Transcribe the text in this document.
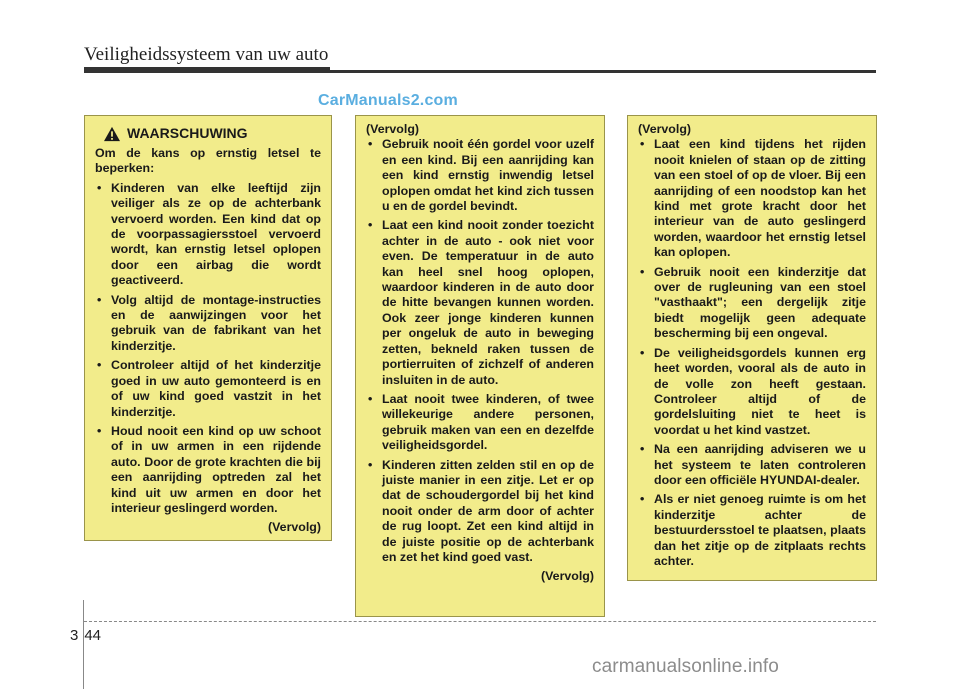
Veiligheidssysteem van uw auto
CarManuals2.com
WAARSCHUWING
Om de kans op ernstig letsel te beperken:
• Kinderen van elke leeftijd zijn veiliger als ze op de achterbank vervoerd worden. Een kind dat op de voorpassagiersstoel vervoerd wordt, kan ernstig letsel oplopen door een airbag die wordt geactiveerd.
• Volg altijd de montage-instructies en de aanwijzingen voor het gebruik van de fabrikant van het kinderzitje.
• Controleer altijd of het kinderzitje goed in uw auto gemonteerd is en of uw kind goed vastzit in het kinderzitje.
• Houd nooit een kind op uw schoot of in uw armen in een rijdende auto. Door de grote krachten die bij een aanrijding optreden zal het kind uit uw armen en door het interieur geslingerd worden.
(Vervolg)
(Vervolg)
• Gebruik nooit één gordel voor uzelf en een kind. Bij een aanrijding kan een kind ernstig inwendig letsel oplopen omdat het kind zich tussen u en de gordel bevindt.
• Laat een kind nooit zonder toezicht achter in de auto - ook niet voor even. De temperatuur in de auto kan heel snel hoog oplopen, waardoor kinderen in de auto door de hitte bevangen kunnen worden. Ook zeer jonge kinderen kunnen per ongeluk de auto in beweging zetten, bekneld raken tussen de portierruiten of zichzelf of anderen insluiten in de auto.
• Laat nooit twee kinderen, of twee willekeurige andere personen, gebruik maken van een en dezelfde veiligheidsgordel.
• Kinderen zitten zelden stil en op de juiste manier in een zitje. Let er op dat de schoudergordel bij het kind nooit onder de arm door of achter de rug loopt. Zet een kind altijd in de juiste positie op de achterbank en zet het kind goed vast.
(Vervolg)
(Vervolg)
• Laat een kind tijdens het rijden nooit knielen of staan op de zitting van een stoel of op de vloer. Bij een aanrijding of een noodstop kan het kind met grote kracht door het interieur van de auto geslingerd worden, waardoor het ernstig letsel kan oplopen.
• Gebruik nooit een kinderzitje dat over de rugleuning van een stoel "vasthaakt"; een dergelijk zitje biedt mogelijk geen adequate bescherming bij een ongeval.
• De veiligheidsgordels kunnen erg heet worden, vooral als de auto in de volle zon heeft gestaan. Controleer altijd of de gordelsluiting niet te heet is voordat u het kind vastzet.
• Na een aanrijding adviseren we u het systeem te laten controleren door een officiële HYUNDAI-dealer.
• Als er niet genoeg ruimte is om het kinderzitje achter de bestuurdersstoel te plaatsen, plaats dan het zitje op de zitplaats rechts achter.
3 44
carmanualsonline.info
